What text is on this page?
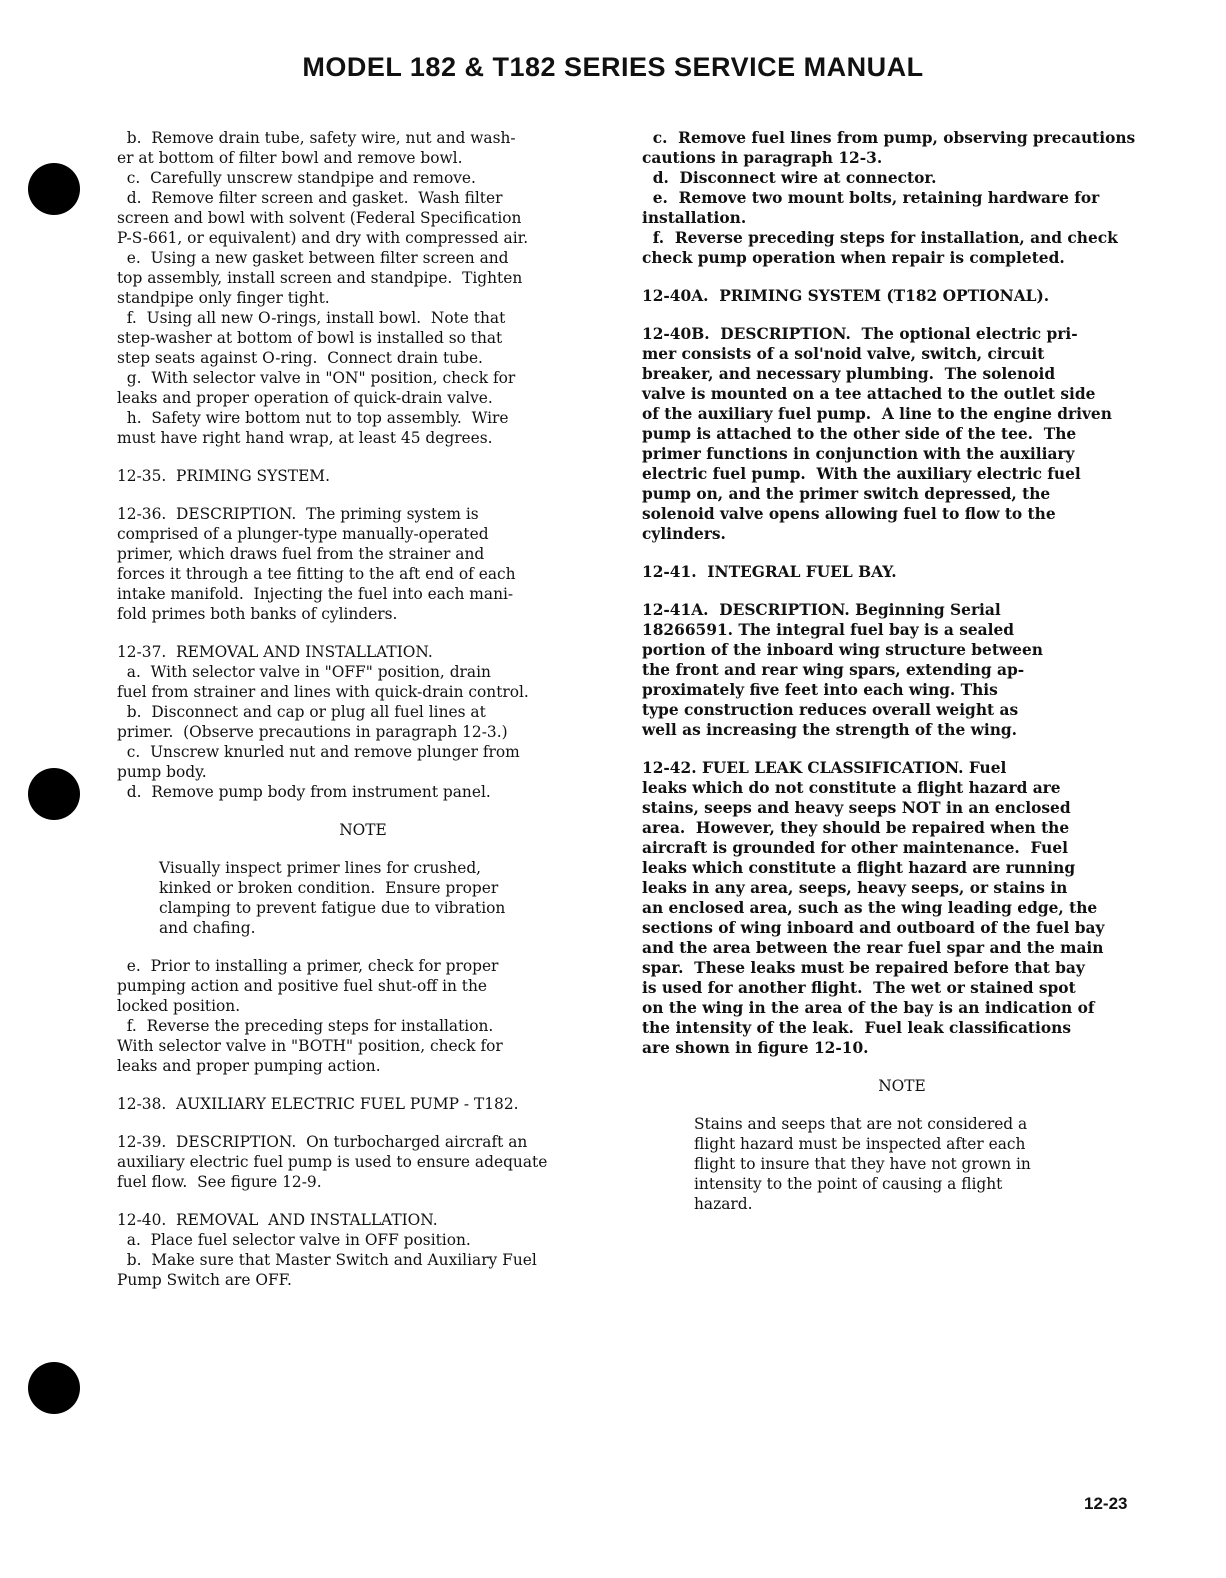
MODEL 182 & T182 SERIES SERVICE MANUAL
b.  Remove drain tube, safety wire, nut and wash-
er at bottom of filter bowl and remove bowl.
c.  Carefully unscrew standpipe and remove.
d.  Remove filter screen and gasket.  Wash filter
screen and bowl with solvent (Federal Specification
P-S-661, or equivalent) and dry with compressed air.
e.  Using a new gasket between filter screen and
top assembly, install screen and standpipe.  Tighten
standpipe only finger tight.
f.  Using all new O-rings, install bowl.  Note that
step-washer at bottom of bowl is installed so that
step seats against O-ring.  Connect drain tube.
g.  With selector valve in "ON" position, check for
leaks and proper operation of quick-drain valve.
h.  Safety wire bottom nut to top assembly.  Wire
must have right hand wrap, at least 45 degrees.
12-35.  PRIMING SYSTEM.
12-36.  DESCRIPTION.  The priming system is
comprised of a plunger-type manually-operated
primer, which draws fuel from the strainer and
forces it through a tee fitting to the aft end of each
intake manifold.  Injecting the fuel into each mani-
fold primes both banks of cylinders.
12-37.  REMOVAL AND INSTALLATION.
a.  With selector valve in "OFF" position, drain
fuel from strainer and lines with quick-drain control.
b.  Disconnect and cap or plug all fuel lines at
primer.  (Observe precautions in paragraph 12-3.)
c.  Unscrew knurled nut and remove plunger from
pump body.
d.  Remove pump body from instrument panel.
NOTE
Visually inspect primer lines for crushed,
kinked or broken condition.  Ensure proper
clamping to prevent fatigue due to vibration
and chafing.
e.  Prior to installing a primer, check for proper
pumping action and positive fuel shut-off in the
locked position.
f.  Reverse the preceding steps for installation.
With selector valve in "BOTH" position, check for
leaks and proper pumping action.
12-38.  AUXILIARY ELECTRIC FUEL PUMP - T182.
12-39.  DESCRIPTION.  On turbocharged aircraft an
auxiliary electric fuel pump is used to ensure adequate
fuel flow.  See figure 12-9.
12-40.  REMOVAL  AND INSTALLATION.
a.  Place fuel selector valve in OFF position.
b.  Make sure that Master Switch and Auxiliary Fuel
Pump Switch are OFF.
c.  Remove fuel lines from pump, observing precautions
cautions in paragraph 12-3.
d.  Disconnect wire at connector.
e.  Remove two mount bolts, retaining hardware for
installation.
f.  Reverse preceding steps for installation, and check
check pump operation when repair is completed.
12-40A.  PRIMING SYSTEM (T182 OPTIONAL).
12-40B.  DESCRIPTION.  The optional electric pri-
mer consists of a sol'noid valve, switch, circuit
breaker, and necessary plumbing.  The solenoid
valve is mounted on a tee attached to the outlet side
of the auxiliary fuel pump.  A line to the engine driven
pump is attached to the other side of the tee.  The
primer functions in conjunction with the auxiliary
electric fuel pump.  With the auxiliary electric fuel
pump on, and the primer switch depressed, the
solenoid valve opens allowing fuel to flow to the
cylinders.
12-41.  INTEGRAL FUEL BAY.
12-41A.  DESCRIPTION. Beginning Serial
18266591. The integral fuel bay is a sealed
portion of the inboard wing structure between
the front and rear wing spars, extending ap-
proximately five feet into each wing. This
type construction reduces overall weight as
well as increasing the strength of the wing.
12-42. FUEL LEAK CLASSIFICATION. Fuel
leaks which do not constitute a flight hazard are
stains, seeps and heavy seeps NOT in an enclosed
area.  However, they should be repaired when the
aircraft is grounded for other maintenance.  Fuel
leaks which constitute a flight hazard are running
leaks in any area, seeps, heavy seeps, or stains in
an enclosed area, such as the wing leading edge, the
sections of wing inboard and outboard of the fuel bay
and the area between the rear fuel spar and the main
spar.  These leaks must be repaired before that bay
is used for another flight.  The wet or stained spot
on the wing in the area of the bay is an indication of
the intensity of the leak.  Fuel leak classifications
are shown in figure 12-10.
NOTE
Stains and seeps that are not considered a
flight hazard must be inspected after each
flight to insure that they have not grown in
intensity to the point of causing a flight
hazard.
12-23
